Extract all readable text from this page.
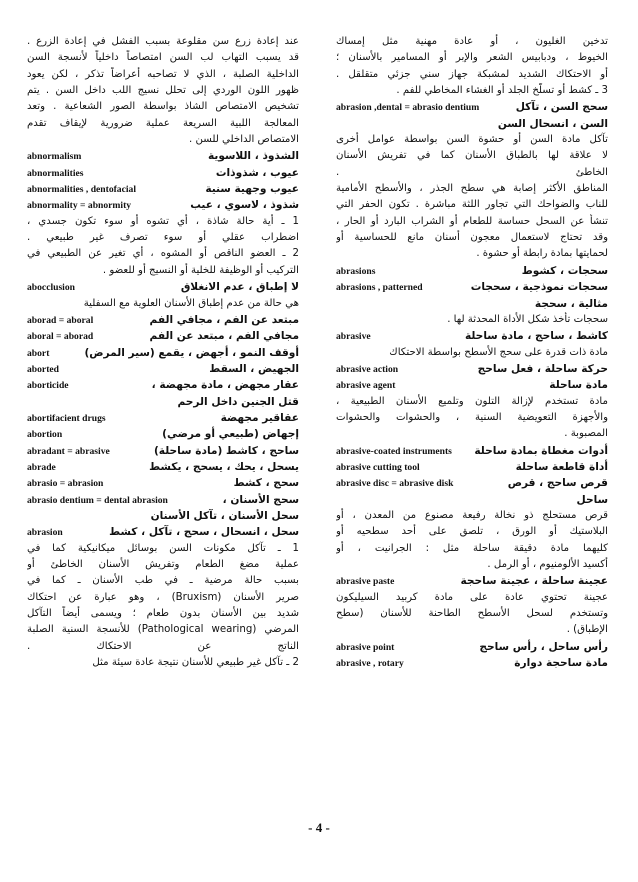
تدخين الغليون ، أو عادة مهنية مثل إمساك
الخيوط ، ودبابيس الشعر والإبر أو المسامير بالأسنان ؛
أو الاحتكاك الشديد لمشبكة جهاز سني جزئي متقلقل .
3 ـ كشط أو تسلُّخ الجلد أو الغشاء المخاطي للفم .
abrasion ,dental = abrasio dentium	سحج السن ، تآكل
السن ، انسحال السن
تآكل مادة السن أو حشوة السن بواسطة عوامل أخرى
لا علاقة لها بالطباق الأسنان كما في تفريش الأسنان
الخاطئ .
المناطق الأكثر إصابة هي سطح الجذر ، والأسطح الأمامية
للناب والضواحك التي تجاور اللثة مباشرة . تكون الحفر التي
تنشأ عن السحل حساسة للطعام أو الشراب البارد أو الحار ،
وقد تحتاج لاستعمال معجون أسنان مانع للحساسية أو
لحمايتها بمادة رابطة أو حشوة .
abrasions	سحجات ، كشوط
abrasions , patterned	سحجات نموذجية ، سحجات
مثالية ، سحجة
سحجات تأخذ شكل الأداة المحدثة لها .
abrasive	كاشط ، ساحج ، مادة ساحلة
مادة ذات قدرة على سحج الأسطح بواسطة الاحتكاك
abrasive action	حركة ساحلة ، فعل ساحج
abrasive agent	مادة ساحلة
مادة تستخدم لإزالة التلون وتلميع الأسنان الطبيعية ،
والأجهزة التعويضية السنية ، والحشوات والحشوات
المصبوبة .
abrasive-coated instruments أدوات مغطاة بمادة ساحلة
abrasive cutting tool	أداة قاطعة ساحلة
abrasive disc = abrasive disk	قرص ساحج ، قرص
ساحل
قرص مستحلج ذو نخالة رفيعة مصنوع من المعدن ، أو
البلاستيك أو الورق ، تلصق على أحد سطحيه أو
كليهما مادة دقيقة ساحلة مثل : الجرانيت ، أو
أكسيد الألومنيوم ، أو الرمل .
abrasive paste	عجينة ساحلة ، عجينة ساحجة
عجينة تحتوي عادة على مادة كربيد السيليكون
وتستخدم لسحل الأسطح الطاحنة للأسنان (سطح
الإطباق) .
abrasive point	رأس ساحل ، رأس ساحج
abrasive , rotary	مادة ساحجة دوارة
عند إعادة زرع سن مقلوعة بسبب الفشل في إعادة الزرع .
قد يسبب التهاب لب السن امتصاصاً داخلياً لأنسجة السن
الداخلية الصلبة ، الذي لا تصاحبه أعراضاً تذكر ، لكن يعود
ظهور اللون الوردي إلى تحلل نسيج اللب داخل السن . يتم
تشخيص الامتصاص الشاذ بواسطة الصور الشعاعية . وتعد
المعالجة اللبية السريعة عملية ضرورية لإيقاف تقدم
الامتصاص الداخلي للسن .
abnormalism	الشذوذ ، اللاسوية
abnormalities	عيوب ، شذوذات
abnormalities , dentofacial	عيوب وجهية سنية
abnormality = abnormity	شذوذ ، لاسوي ، عيب
1 ـ أية حالة شاذة ، أي تشوه أو سوء تكون جسدي ،
اضطراب عقلي أو سوء تصرف غير طبيعي .
2 ـ العضو الناقص أو المشوه ، أي تغير عن الطبيعي في
التركيب أو الوظيفة للخلية أو النسيج أو للعضو .
abocclusion	لا إطباق ، عدم الانغلاق
هي حالة من عدم إطباق الأسنان العلوية مع السفلية
aborad = aboral	مبتعد عن الفم ، مجافي الفم
aboral = aborad	مجافي الفم ، مبتعد عن الفم
abort	أوقف النمو ، أجهض ، يقمع (سير المرض)
aborted	الجهيض ، السقط
aborticide	عقار مجهض ، مادة مجهضة ،
قتل الجنين داخل الرحم
abortifacient drugs	عقاقير مجهضة
abortion	إجهاض (طبيعي أو مرضي)
abradant = abrasive	ساحج ، كاشط (مادة ساحلة)
abrade	يسحل ، يحك ، يسحج ، يكشط
abrasio = abrasion	سحج ، كشط
abrasio dentium = dental abrasion	سحج الأسنان ،
سحل الأسنان ، تآكل الأسنان
abrasion	سحل ، انسحال ، سحج ، تآكل ، كشط
1 ـ تآكل مكونات السن بوسائل ميكانيكية كما في
عملية مضغ الطعام وتفريش الأسنان الخاطئ أو
بسبب حالة مرضية ـ في طب الأسنان ـ كما في
صرير الأسنان (Bruxism) ، وهو عبارة عن احتكاك
شديد بين الأسنان بدون طعام ؛ ويسمى أيضاً التآكل
المرضي (Pathological wearing) للأنسجة السنية الصلبة
الناتج عن الاحتكاك .
2 ـ تآكل غير طبيعي للأسنان نتيجة عادة سيئة مثل
- 4 -
